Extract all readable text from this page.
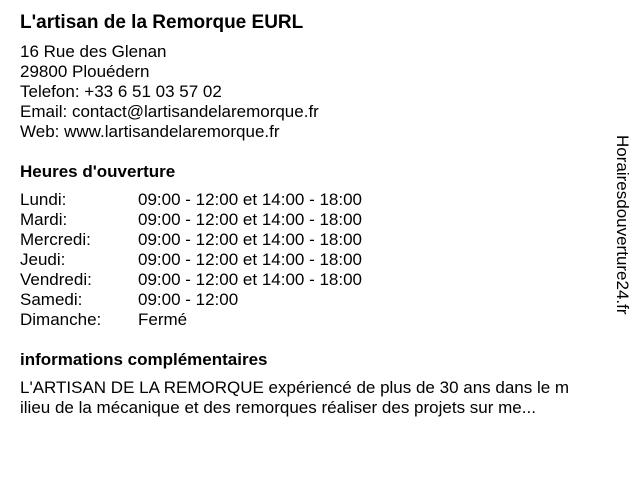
L'artisan de la Remorque EURL
16 Rue des Glenan
29800 Plouédern
Telefon: +33 6 51 03 57 02
Email: contact@lartisandelaremorque.fr
Web: www.lartisandelaremorque.fr
Heures d'ouverture
Lundi:	09:00 - 12:00 et 14:00 - 18:00
Mardi:	09:00 - 12:00 et 14:00 - 18:00
Mercredi:	09:00 - 12:00 et 14:00 - 18:00
Jeudi:	09:00 - 12:00 et 14:00 - 18:00
Vendredi:	09:00 - 12:00 et 14:00 - 18:00
Samedi:	09:00 - 12:00
Dimanche:	Fermé
informations complémentaires
L'ARTISAN DE LA REMORQUE expériencé de plus de 30 ans dans le m
ilieu de la mécanique et des remorques réaliser des projets sur me...
Horairesdouverture24.fr
